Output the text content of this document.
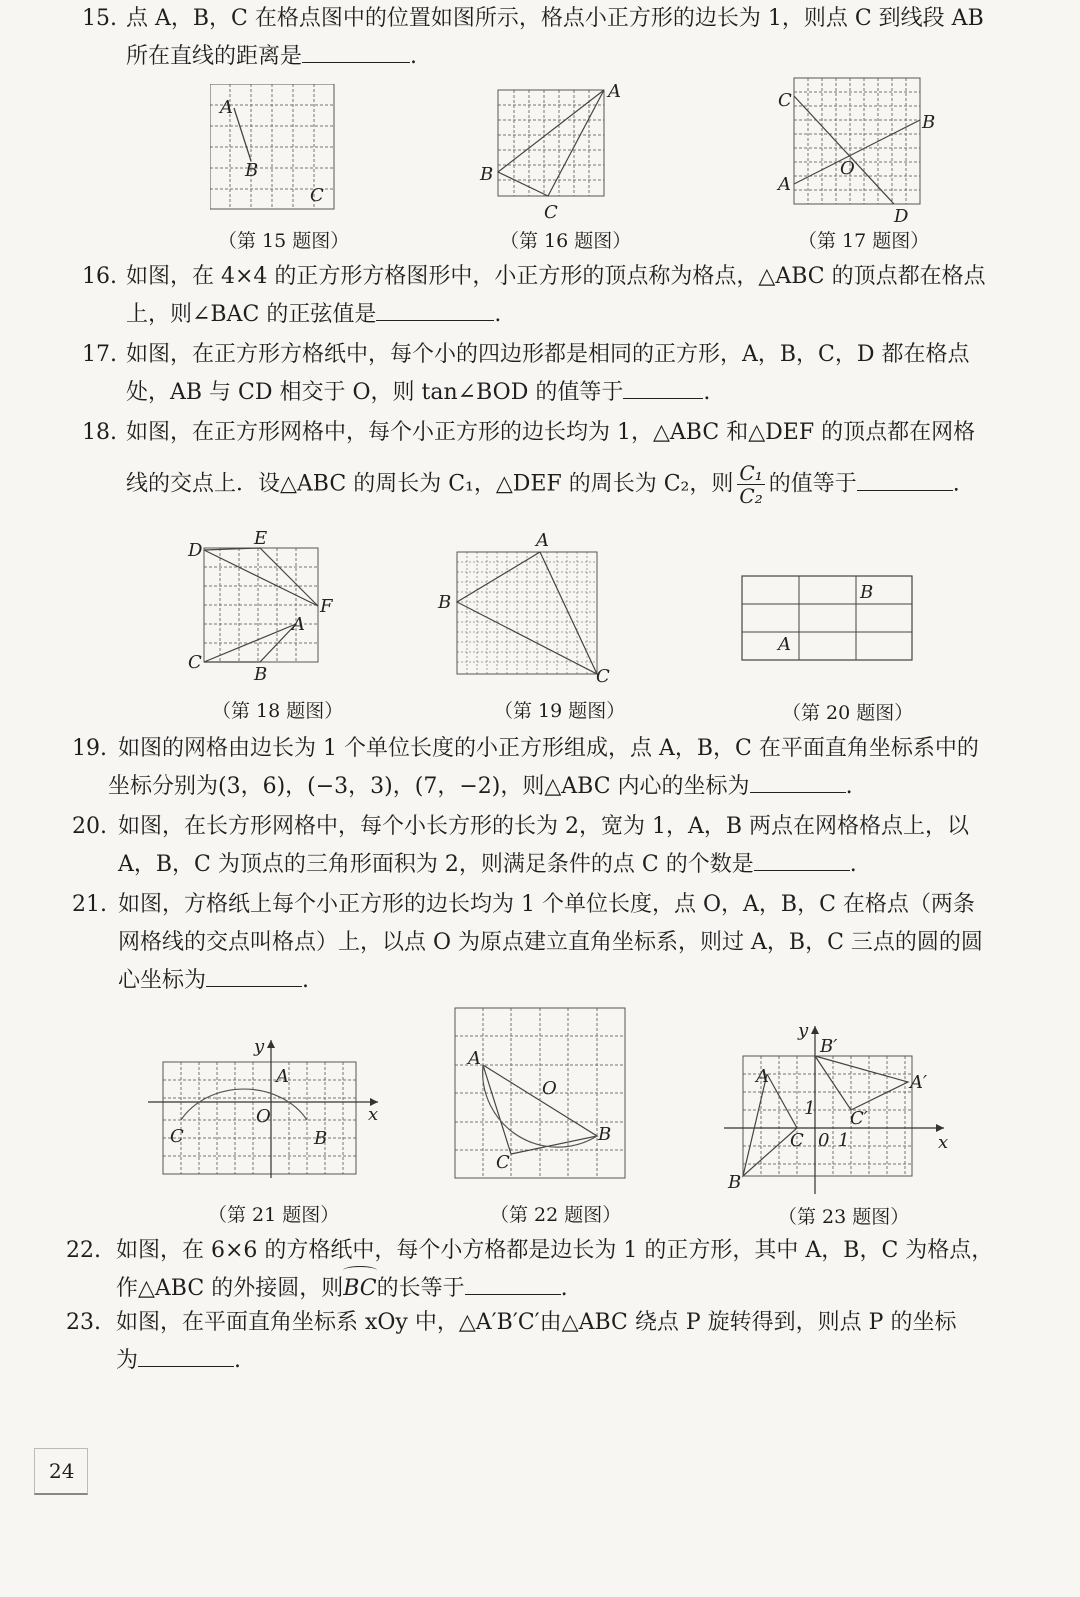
15. 点 A，B，C 在格点图中的位置如图所示，格点小正方形的边长为 1，则点 C 到线段 AB
所在直线的距离是	.
A
B
C
（第 15 题图）
A
B
C
（第 16 题图）
C
B
O
A
D
（第 17 题图）
16. 如图，在 4×4 的正方形方格图形中，小正方形的顶点称为格点，△ABC 的顶点都在格点
上，则∠BAC 的正弦值是	.
17. 如图，在正方形方格纸中，每个小的四边形都是相同的正方形，A，B，C，D 都在格点
处，AB 与 CD 相交于 O，则 tan∠BOD 的值等于	.
18. 如图，在正方形网格中，每个小正方形的边长均为 1，△ABC 和△DEF 的顶点都在网格
线的交点上．设△ABC 的周长为 C₁，△DEF 的周长为 C₂，则 $\frac{\text{C₁}}{\text{C₂}}$ 的值等于	.
D
E
F
A
C
B
（第 18 题图）
A
B
C
（第 19 题图）
B
A
（第 20 题图）
19. 如图的网格由边长为 1 个单位长度的小正方形组成，点 A，B，C 在平面直角坐标系中的
坐标分别为(3，6)，(−3，3)，(7，−2)，则△ABC 内心的坐标为	.
20. 如图，在长方形网格中，每个小长方形的长为 2，宽为 1，A，B 两点在网格格点上，以
A，B，C 为顶点的三角形面积为 2，则满足条件的点 C 的个数是	.
21. 如图，方格纸上每个小正方形的边长均为 1 个单位长度，点 O，A，B，C 在格点（两条
网格线的交点叫格点）上，以点 O 为原点建立直角坐标系，则过 A，B，C 三点的圆的圆
心坐标为	.
y
A
O	x
C	B
（第 21 题图）
A
O
B
C
（第 22 题图）
y
B′
A	A′
1 C′
C 0 1	x
B
（第 23 题图）
22. 如图，在 6×6 的方格纸中，每个小方格都是边长为 1 的正方形，其中 A，B，C 为格点，
作△ABC 的外接圆，则BC的长等于	.
23. 如图，在平面直角坐标系 xOy 中，△A′B′C′由△ABC 绕点 P 旋转得到，则点 P 的坐标
为	.
24
